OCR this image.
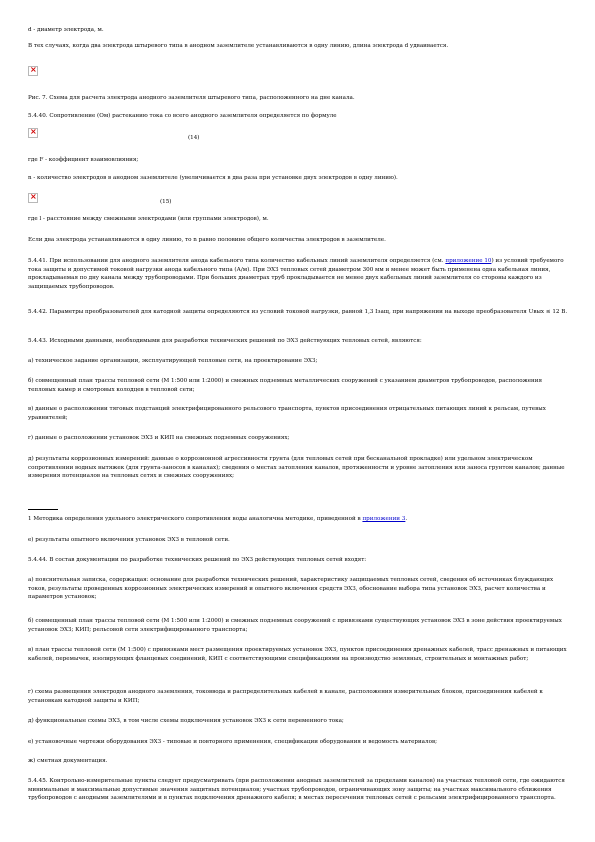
d - диаметр электрода, м.

В тех случаях, когда два электрода штыревого типа в анодном заземлителе устанавливаются в одну линию, длина электрода d удваивается.

×

Рис. 7. Схема для расчета электрода анодного заземлителя штыревого типа, расположенного на дне канала.

5.4.40. Сопротивление (Ом) растеканию тока со всего анодного заземлителя определяется по формуле

×
(14)

где F - коэффициент взаимовлияния;

n - количество электродов в анодном заземлителе (увеличивается в два раза при установке двух электродов в одну линию).

×
(15)

где l - расстояние между смежными электродами (или группами электродов), м.

Если два электрода устанавливаются в одну линию, то n равно половине общего количества электродов в заземлителе.

5.4.41. При использовании для анодного заземлителя анода кабельного типа количество кабельных линий заземлителя определяется (см. приложение 10) из условий требуемого тока защиты и допустимой токовой нагрузки анода кабельного типа (А/м). При ЭХЗ тепловых сетей диаметром 300 мм и менее может быть применена одна кабельная линия, прокладываемая по дну канала между трубопроводами. При больших диаметрах труб прокладывается не менее двух кабельных линий заземлителя со стороны каждого из защищаемых трубопроводов.

5.4.42. Параметры преобразователей для катодной защиты определяются из условий токовой нагрузки, равной 1,3 Iзащ, при напряжении на выходе преобразователя Uвых ≤ 12 В.

5.4.43. Исходными данными, необходимыми для разработки технических решений по ЭХЗ действующих тепловых сетей, являются:

а) техническое задание организации, эксплуатирующей тепловые сети, на проектирование ЭХЗ;

б) совмещенный план трассы тепловой сети (М 1:500 или 1:2000) и смежных подземных металлических сооружений с указанием диаметров трубопроводов, расположения тепловых камер и смотровых колодцев в тепловой сети;

в) данные о расположении тяговых подстанций электрифицированного рельсового транспорта, пунктов присоединения отрицательных питающих линий к рельсам, путевых уравнителей;

г) данные о расположении установок ЭХЗ и КИП на смежных подземных сооружениях;

д) результаты коррозионных измерений: данные о коррозионной агрессивности грунта (для тепловых сетей при бесканальной прокладке) или удельном электрическом сопротивлении водных вытяжек (для грунта-заносов в каналах); сведения о местах затопления каналов, протяженности и уровне затопления или заноса грунтом каналов; данные измерения потенциалов на тепловых сетях и смежных сооружениях;

1 Методика определения удельного электрического сопротивления воды аналогична методике, приведенной в приложении 3.

е) результаты опытного включения установок ЭХЗ в тепловой сети.

5.4.44. В состав документации по разработке технических решений по ЭХЗ действующих тепловых сетей входят:

а) пояснительная записка, содержащая: основание для разработки технических решений, характеристику защищаемых тепловых сетей, сведения об источниках блуждающих токов, результаты проведенных коррозионных электрических измерений и опытного включения средств ЭХЗ, обоснование выбора типа установок ЭХЗ, расчет количества и параметров установок;

б) совмещенный план трассы тепловой сети (М 1:500 или 1:2000) и смежных подземных сооружений с привязками существующих установок ЭХЗ в зоне действия проектируемых установок ЭХЗ; КИП; рельсовой сети электрифицированного транспорта;

в) план трассы тепловой сети (М 1:500) с привязками мест размещения проектируемых установок ЭХЗ, пунктов присоединения дренажных кабелей, трасс дренажных и питающих кабелей, перемычек, изолирующих фланцевых соединений, КИП с соответствующими спецификациями на производство земляных, строительных и монтажных работ;

г) схема размещения электродов анодного заземления, токоввода и распределительных кабелей в канале, расположения измерительных блоков, присоединения кабелей к установкам катодной защиты и КИП;

д) функциональные схемы ЭХЗ, в том числе схемы подключения установок ЭХЗ к сети переменного тока;

е) установочные чертежи оборудования ЭХЗ - типовые и повторного применения, спецификации оборудования и ведомость материалов;

ж) сметная документация.

5.4.45. Контрольно-измерительные пункты следует предусматривать (при расположении анодных заземлителей за пределами каналов) на участках тепловой сети, где ожидаются минимальные и максимальные допустимые значения защитных потенциалов; участках трубопроводов, ограничивающих зону защиты; на участках максимального сближения трубопроводов с анодными заземлителями и в пунктах подключения дренажного кабеля; в местах пересечения тепловых сетей с рельсами электрифицированного транспорта.
